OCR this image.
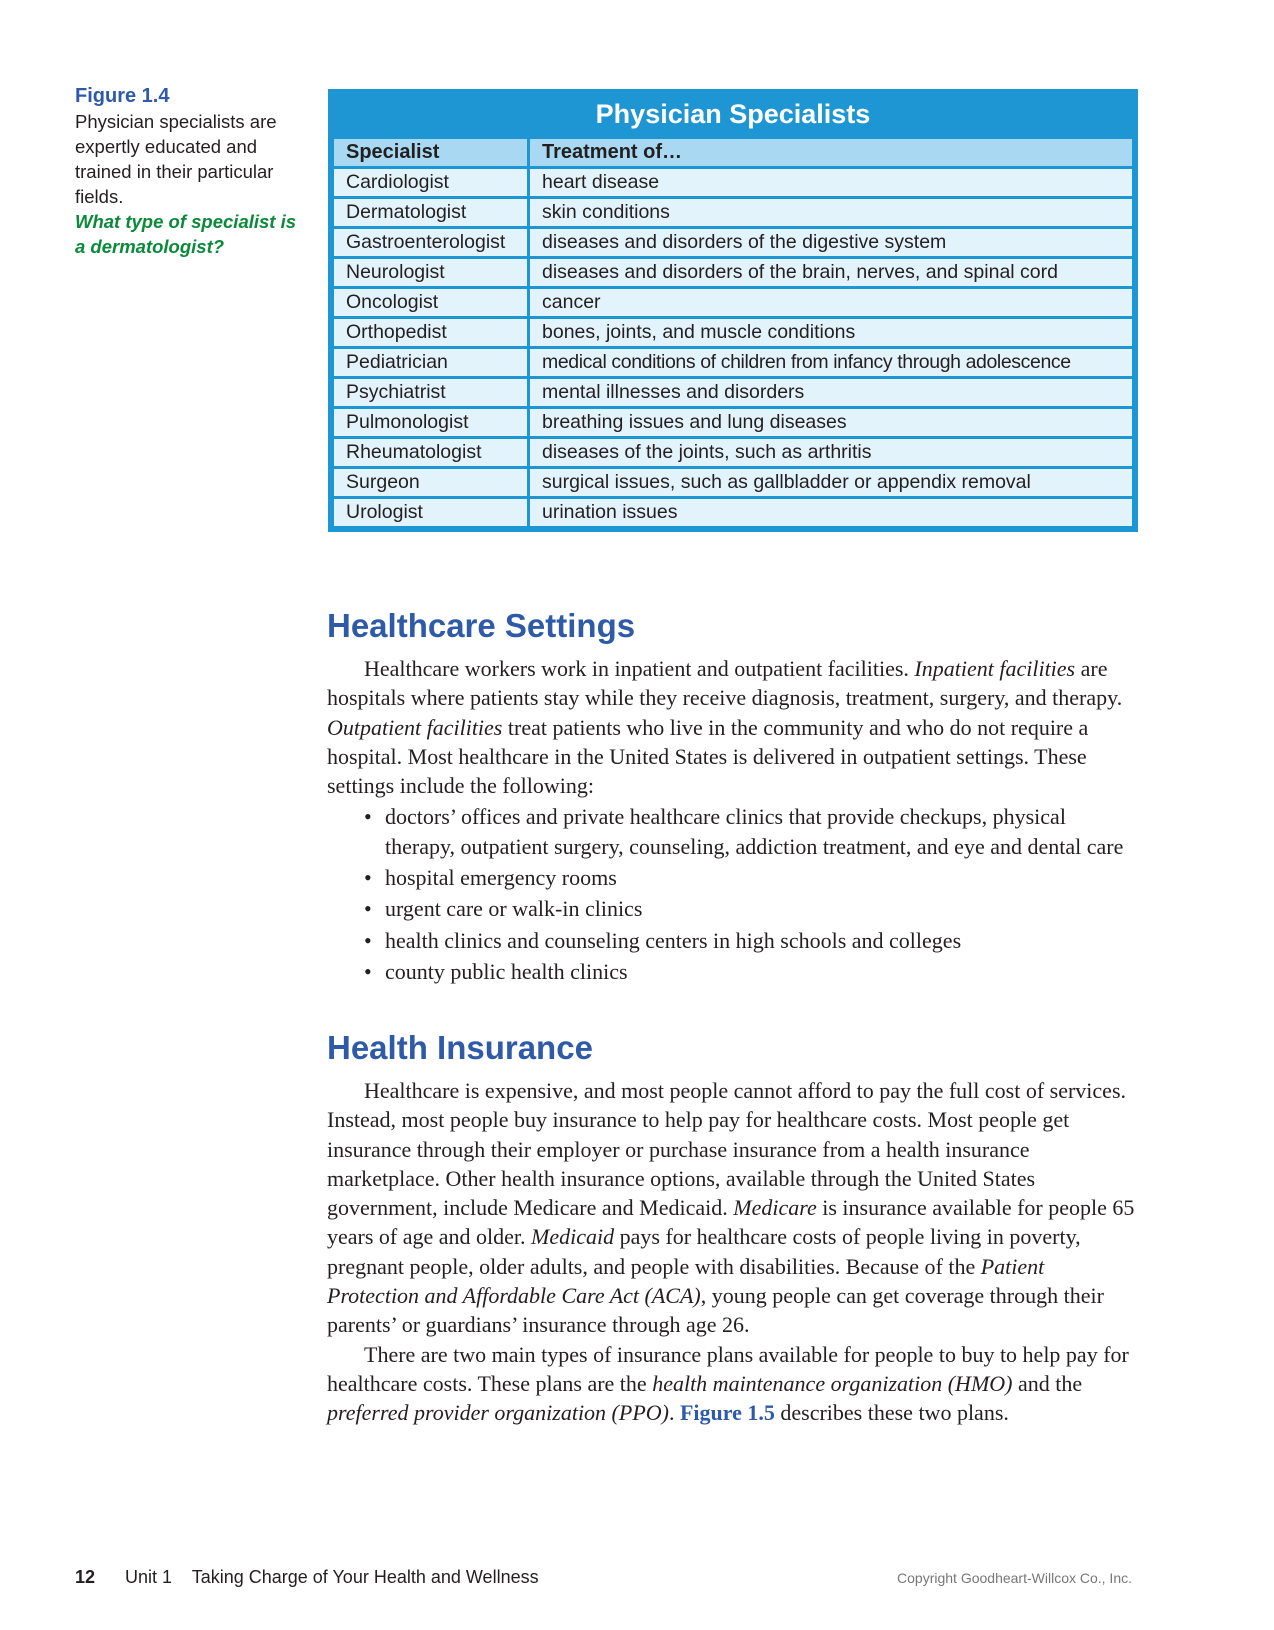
Figure 1.4
Physician specialists are expertly educated and trained in their particular fields.
What type of specialist is a dermatologist?
Physician Specialists
Specialist	Treatment of…
Cardiologist	heart disease
Dermatologist	skin conditions
Gastroenterologist	diseases and disorders of the digestive system
Neurologist	diseases and disorders of the brain, nerves, and spinal cord
Oncologist	cancer
Orthopedist	bones, joints, and muscle conditions
Pediatrician	medical conditions of children from infancy through adolescence
Psychiatrist	mental illnesses and disorders
Pulmonologist	breathing issues and lung diseases
Rheumatologist	diseases of the joints, such as arthritis
Surgeon	surgical issues, such as gallbladder or appendix removal
Urologist	urination issues
Healthcare Settings

Healthcare workers work in inpatient and outpatient facilities. Inpatient facilities are hospitals where patients stay while they receive diagnosis, treatment, surgery, and therapy. Outpatient facilities treat patients who live in the community and who do not require a hospital. Most healthcare in the United States is delivered in outpatient settings. These settings include the following:

• doctors’ offices and private healthcare clinics that provide checkups, physical therapy, outpatient surgery, counseling, addiction treatment, and eye and dental care
• hospital emergency rooms
• urgent care or walk-in clinics
• health clinics and counseling centers in high schools and colleges
• county public health clinics
Health Insurance

Healthcare is expensive, and most people cannot afford to pay the full cost of services. Instead, most people buy insurance to help pay for healthcare costs. Most people get insurance through their employer or purchase insurance from a health insurance marketplace. Other health insurance options, available through the United States government, include Medicare and Medicaid. Medicare is insurance available for people 65 years of age and older. Medicaid pays for healthcare costs of people living in poverty, pregnant people, older adults, and people with disabilities. Because of the Patient Protection and Affordable Care Act (ACA), young people can get coverage through their parents’ or guardians’ insurance through age 26.

There are two main types of insurance plans available for people to buy to help pay for healthcare costs. These plans are the health maintenance organization (HMO) and the preferred provider organization (PPO). Figure 1.5 describes these two plans.

12 Unit 1    Taking Charge of Your Health and Wellness	Copyright Goodheart-Willcox Co., Inc.
